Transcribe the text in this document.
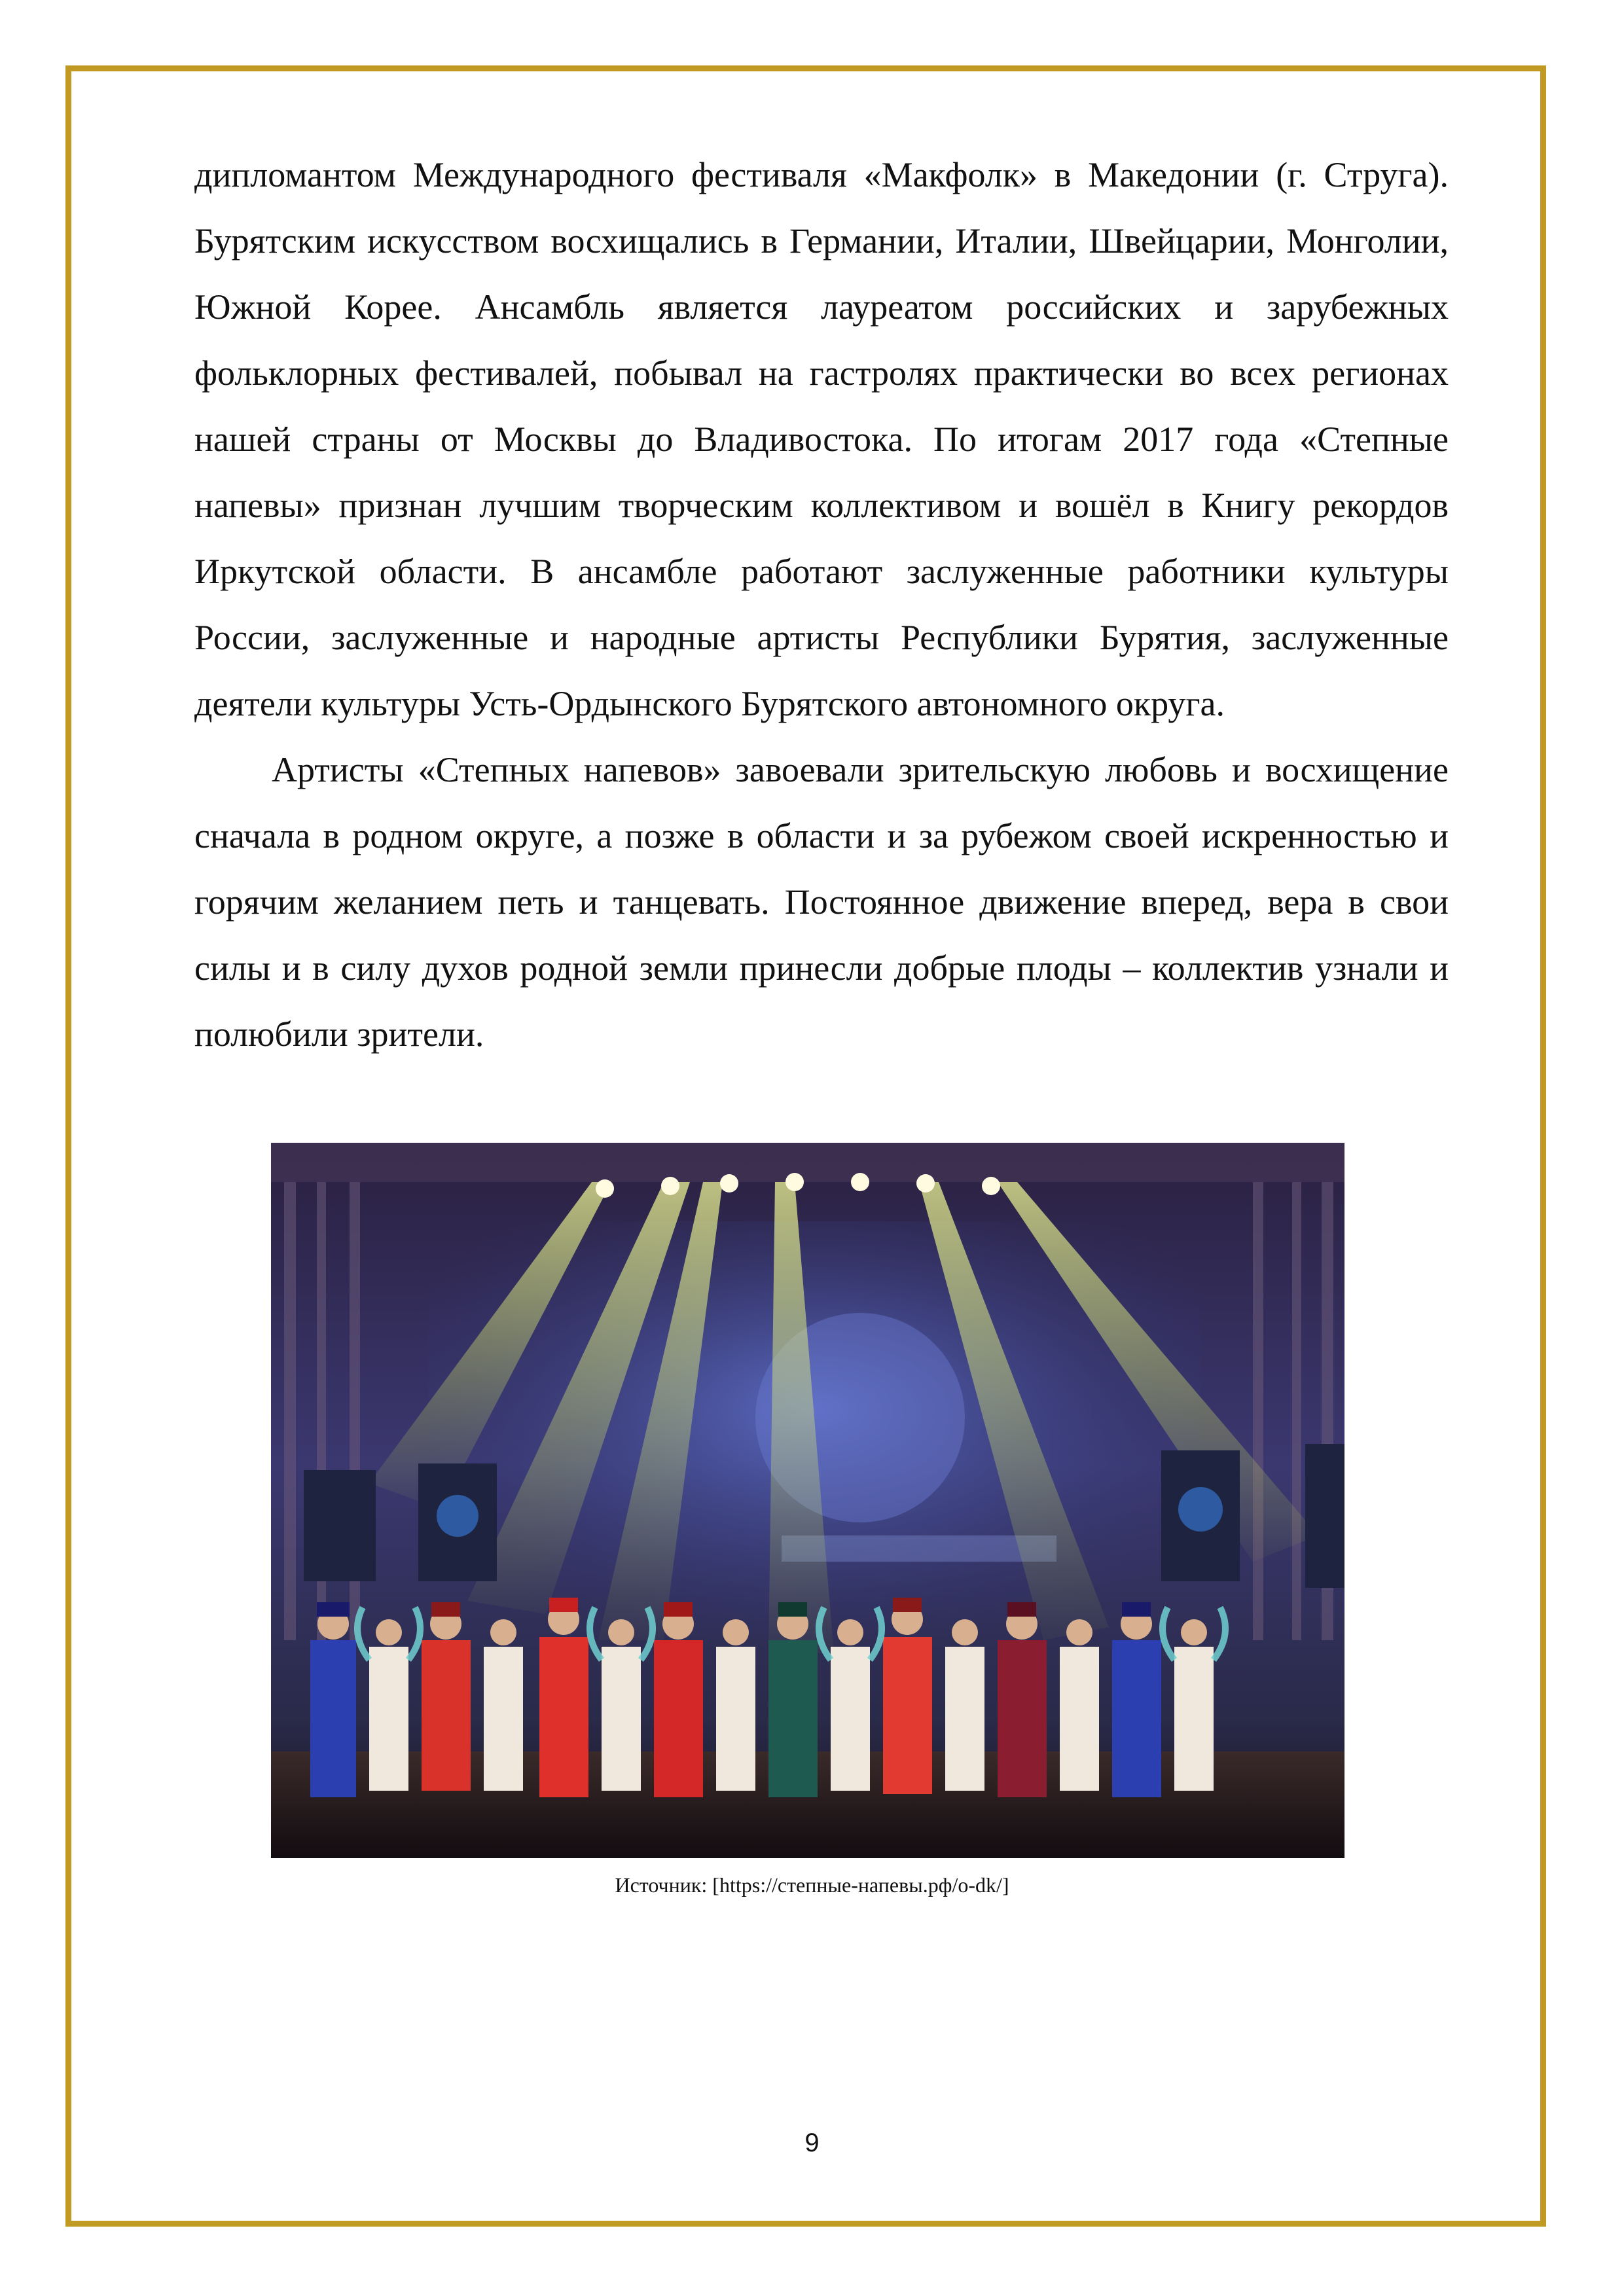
дипломантом Международного фестиваля «Макфолк» в Македонии (г. Струга). Бурятским искусством восхищались в Германии, Италии, Швейцарии, Монголии, Южной Корее. Ансамбль является лауреатом российских и зарубежных фольклорных фестивалей, побывал на гастролях практически во всех регионах нашей страны от Москвы до Владивостока. По итогам 2017 года «Степные напевы» признан лучшим творческим коллективом и вошёл в Книгу рекордов Иркутской области. В ансамбле работают заслуженные работники культуры России, заслуженные и народные артисты Республики Бурятия, заслуженные деятели культуры Усть-Ордынского Бурятского автономного округа.

Артисты «Степных напевов» завоевали зрительскую любовь и восхищение сначала в родном округе, а позже в области и за рубежом своей искренностью и горячим желанием петь и танцевать. Постоянное движение вперед, вера в свои силы и в силу духов родной земли принесли добрые плоды – коллектив узнали и полюбили зрители.

Источник: [https://степные-напевы.рф/о-dk/]
9
